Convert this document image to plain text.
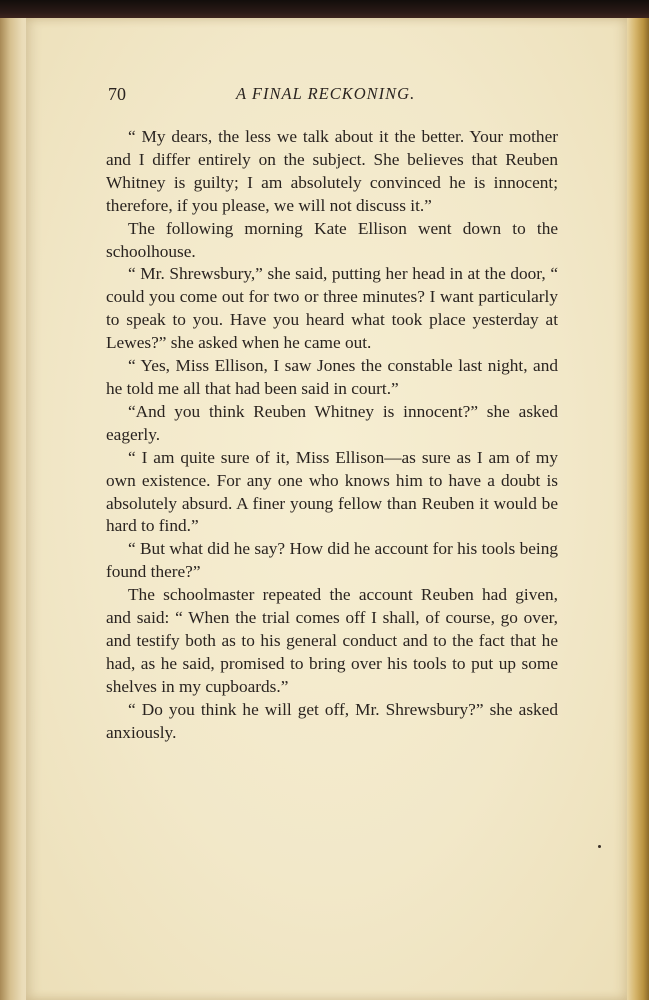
70	A FINAL RECKONING.

“ My dears, the less we talk about it the better. Your mother and I differ entirely on the subject. She believes that Reuben Whitney is guilty; I am absolutely convinced he is innocent; therefore, if you please, we will not discuss it.”

The following morning Kate Ellison went down to the schoolhouse.

“ Mr. Shrewsbury,” she said, putting her head in at the door, “ could you come out for two or three minutes? I want particularly to speak to you. Have you heard what took place yesterday at Lewes?” she asked when he came out.

“ Yes, Miss Ellison, I saw Jones the constable last night, and he told me all that had been said in court.”

“And you think Reuben Whitney is innocent?” she asked eagerly.

“ I am quite sure of it, Miss Ellison—as sure as I am of my own existence. For any one who knows him to have a doubt is absolutely absurd. A finer young fellow than Reuben it would be hard to find.”

“ But what did he say? How did he account for his tools being found there?”

The schoolmaster repeated the account Reuben had given, and said: “ When the trial comes off I shall, of course, go over, and testify both as to his general conduct and to the fact that he had, as he said, promised to bring over his tools to put up some shelves in my cupboards.”

“ Do you think he will get off, Mr. Shrewsbury?” she asked anxiously.
